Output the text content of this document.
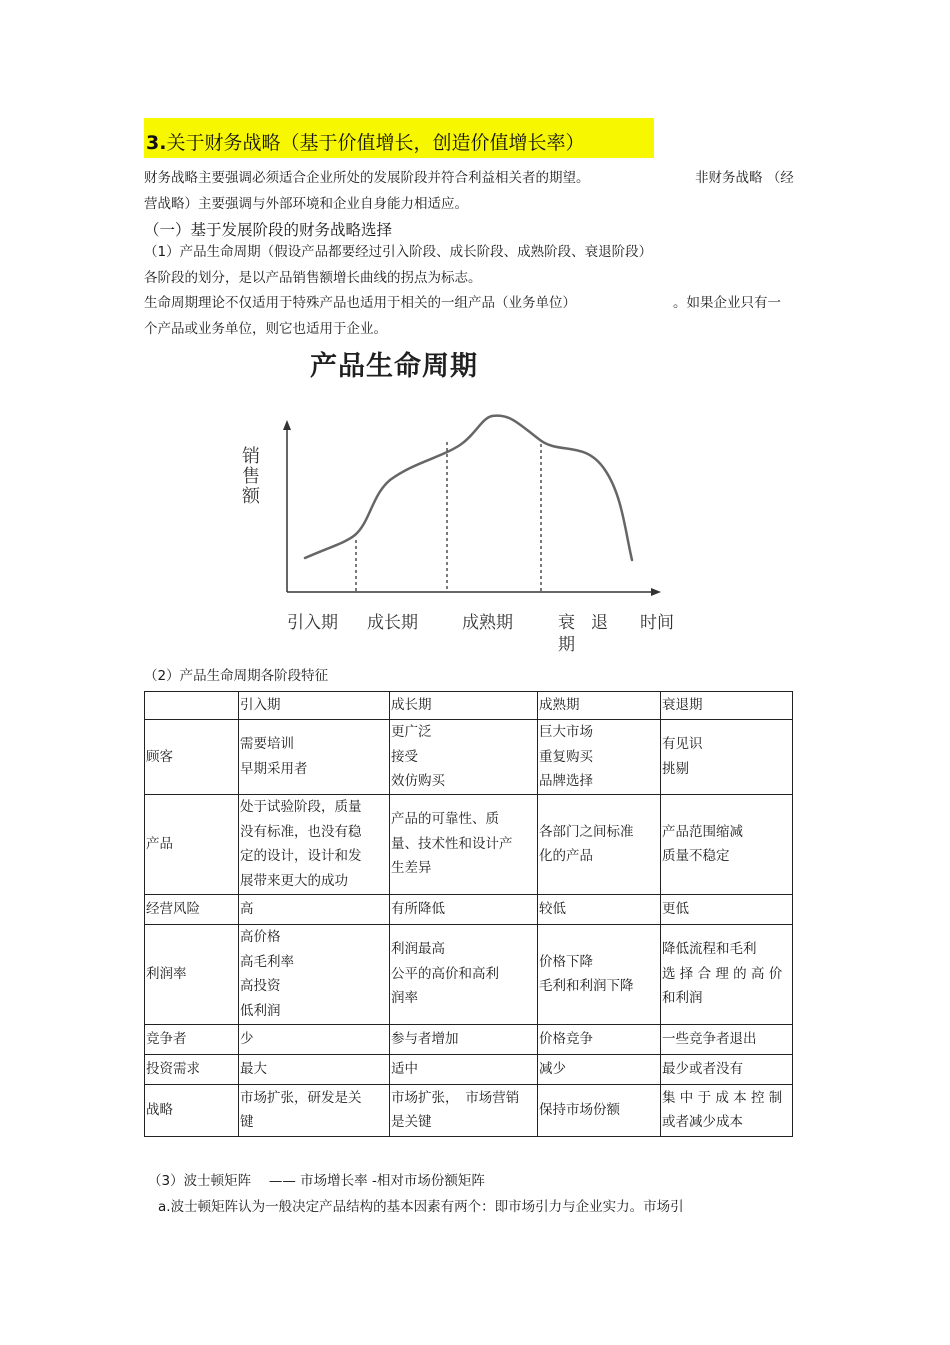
3.关于财务战略（基于价值增长，创造价值增长率）
财务战略主要强调必须适合企业所处的发展阶段并符合利益相关者的期望。	非财务战略 （经
营战略）主要强调与外部环境和企业自身能力相适应。
（一）基于发展阶段的财务战略选择
（1）产品生命周期（假设产品都要经过引入阶段、成长阶段、成熟阶段、衰退阶段）
各阶段的划分，是以产品销售额增长曲线的拐点为标志。
生命周期理论不仅适用于特殊产品也适用于相关的一组产品（业务单位）	。如果企业只有一
个产品或业务单位，则它也适用于企业。
产品生命周期
销售额
引入期 成长期	成熟期	衰 退
期
时间
（2）产品生命周期各阶段特征
	引入期	成长期	成熟期	衰退期
顾客	需要培训
早期采用者	更广泛
接受
效仿购买	巨大市场
重复购买
品牌选择	有见识
挑剔

产品	处于试验阶段，质量
没有标准，也没有稳
定的设计，设计和发
展带来更大的成功	产品的可靠性、质
量、技术性和设计产
生差异	各部门之间标准
化的产品	产品范围缩减
质量不稳定

经营风险	高	有所降低	较低	更低

利润率	高价格
高毛利率
高投资
低利润	利润最高
公平的高价和高利
润率	价格下降
毛利和利润下降	降低流程和毛利
选 择 合 理 的 高 价
和利润

竞争者	少	参与者增加	价格竞争	一些竞争者退出

投资需求	最大	适中	减少	最少或者没有

战略	市场扩张，研发是关
键	市场扩张，　市场营销
是关键	保持市场份额	集 中 于 成 本 控 制
或者减少成本
（3）波士顿矩阵　 —— 市场增长率 -相对市场份额矩阵
a.波士顿矩阵认为一般决定产品结构的基本因素有两个：即市场引力与企业实力。市场引
